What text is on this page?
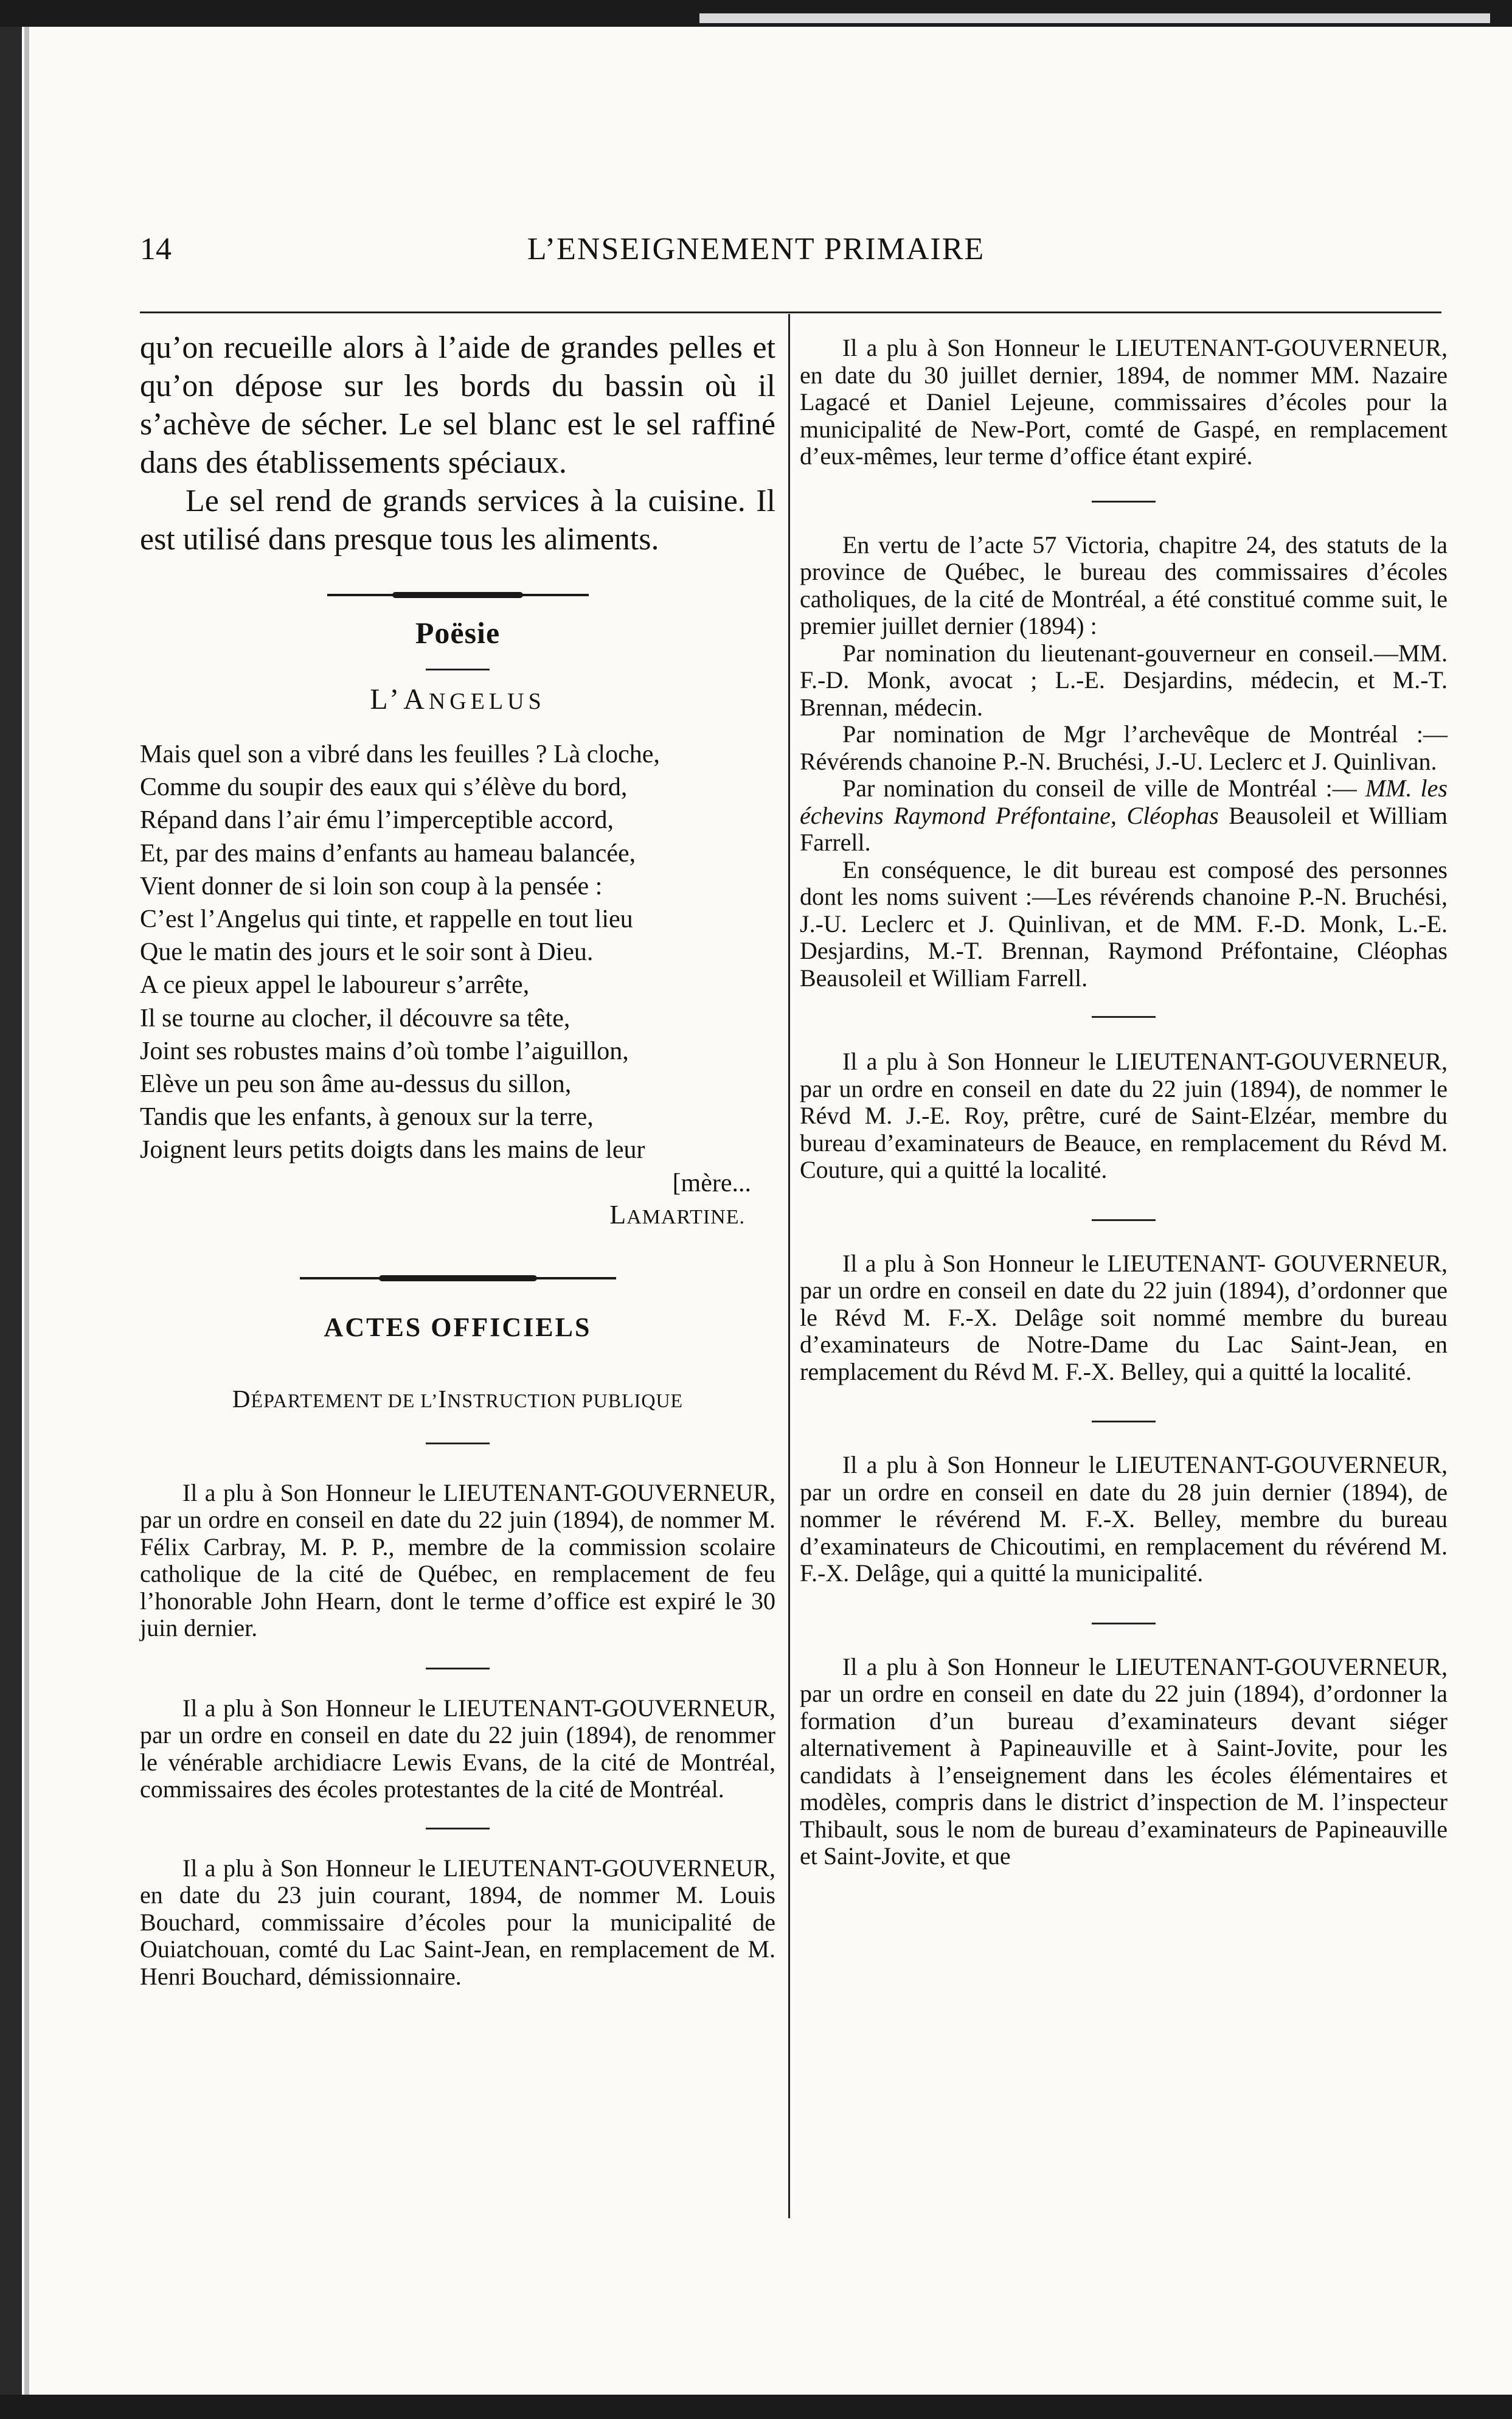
14	L’ENSEIGNEMENT PRIMAIRE

qu’on recueille alors à l’aide de grandes pelles et qu’on dépose sur les bords du bassin où il s’achève de sécher. Le sel blanc est le sel raffiné dans des établissements spéciaux.

Le sel rend de grands services à la cuisine. Il est utilisé dans presque tous les aliments.

Poësie
L’ANGELUS

Mais quel son a vibré dans les feuilles ? Là cloche,

Comme du soupir des eaux qui s’élève du bord,

Répand dans l’air ému l’imperceptible accord,

Et, par des mains d’enfants au hameau balancée,

Vient donner de si loin son coup à la pensée :

C’est l’Angelus qui tinte, et rappelle en tout lieu

Que le matin des jours et le soir sont à Dieu.

A ce pieux appel le laboureur s’arrête,

Il se tourne au clocher, il découvre sa tête,

Joint ses robustes mains d’où tombe l’aiguillon,

Elève un peu son âme au-dessus du sillon,

Tandis que les enfants, à genoux sur la terre,

Joignent leurs petits doigts dans les mains de leur

[mère...

LAMARTINE.
ACTES OFFICIELS
DÉPARTEMENT DE L’INSTRUCTION PUBLIQUE

Il a plu à Son Honneur le LIEUTENANT-GOUVERNEUR, par un ordre en conseil en date du 22 juin (1894), de nommer M. Félix Carbray, M. P. P., membre de la commission scolaire catholique de la cité de Québec, en remplacement de feu l’honorable John Hearn, dont le terme d’office est expiré le 30 juin dernier.

Il a plu à Son Honneur le LIEUTENANT-GOUVERNEUR, par un ordre en conseil en date du 22 juin (1894), de renommer le vénérable archidiacre Lewis Evans, de la cité de Montréal, commissaires des écoles protestantes de la cité de Montréal.

Il a plu à Son Honneur le LIEUTENANT-GOUVERNEUR, en date du 23 juin courant, 1894, de nommer M. Louis Bouchard, commissaire d’écoles pour la municipalité de Ouiatchouan, comté du Lac Saint-Jean, en remplacement de M. Henri Bouchard, démissionnaire.

Il a plu à Son Honneur le LIEUTENANT-GOUVERNEUR, en date du 30 juillet dernier, 1894, de nommer MM. Nazaire Lagacé et Daniel Lejeune, commissaires d’écoles pour la municipalité de New-Port, comté de Gaspé, en remplacement d’eux-mêmes, leur terme d’office étant expiré.

En vertu de l’acte 57 Victoria, chapitre 24, des statuts de la province de Québec, le bureau des commissaires d’écoles catholiques, de la cité de Montréal, a été constitué comme suit, le premier juillet dernier (1894) :

Par nomination du lieutenant-gouverneur en conseil.—MM. F.-D. Monk, avocat ; L.-E. Desjardins, médecin, et M.-T. Brennan, médecin.

Par nomination de Mgr l’archevêque de Montréal :—Révérends chanoine P.-N. Bruchési, J.-U. Leclerc et J. Quinlivan.

Par nomination du conseil de ville de Montréal :— MM. les échevins Raymond Préfontaine, Cléophas Beausoleil et William Farrell.

En conséquence, le dit bureau est composé des personnes dont les noms suivent :—Les révérends chanoine P.-N. Bruchési, J.-U. Leclerc et J. Quinlivan, et de MM. F.-D. Monk, L.-E. Desjardins, M.-T. Brennan, Raymond Préfontaine, Cléophas Beausoleil et William Farrell.

Il a plu à Son Honneur le LIEUTENANT-GOUVERNEUR, par un ordre en conseil en date du 22 juin (1894), de nommer le Révd M. J.-E. Roy, prêtre, curé de Saint-Elzéar, membre du bureau d’examinateurs de Beauce, en remplacement du Révd M. Couture, qui a quitté la localité.

Il a plu à Son Honneur le LIEUTENANT- GOUVERNEUR, par un ordre en conseil en date du 22 juin (1894), d’ordonner que le Révd M. F.-X. Delâge soit nommé membre du bureau d’examinateurs de Notre-Dame du Lac Saint-Jean, en remplacement du Révd M. F.-X. Belley, qui a quitté la localité.

Il a plu à Son Honneur le LIEUTENANT-GOUVERNEUR, par un ordre en conseil en date du 28 juin dernier (1894), de nommer le révérend M. F.-X. Belley, membre du bureau d’examinateurs de Chicoutimi, en remplacement du révérend M. F.-X. Delâge, qui a quitté la municipalité.

Il a plu à Son Honneur le LIEUTENANT-GOUVERNEUR, par un ordre en conseil en date du 22 juin (1894), d’ordonner la formation d’un bureau d’examinateurs devant siéger alternativement à Papineauville et à Saint-Jovite, pour les candidats à l’enseignement dans les écoles élémentaires et modèles, compris dans le district d’inspection de M. l’inspecteur Thibault, sous le nom de bureau d’examinateurs de Papineauville et Saint-Jovite, et que
